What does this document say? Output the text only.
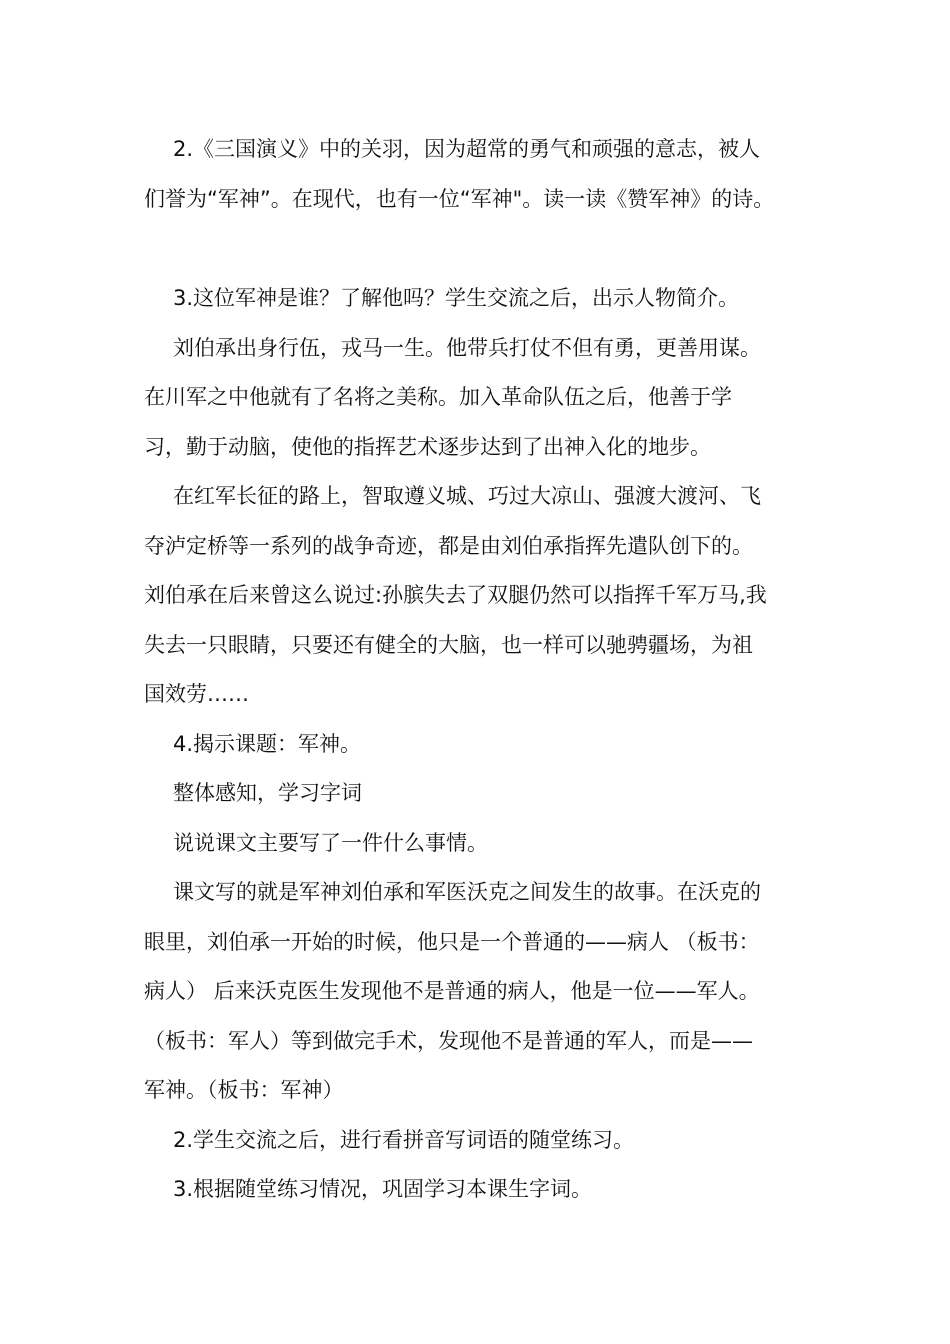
2.《三国演义》中的关羽，因为超常的勇气和顽强的意志，被人
们誉为“军神”。在现代，也有一位“军神"。读一读《赞军神》的诗。

3.这位军神是谁？了解他吗？学生交流之后，出示人物简介。

刘伯承出身行伍，戎马一生。他带兵打仗不但有勇，更善用谋。
在川军之中他就有了名将之美称。加入革命队伍之后，他善于学
习，勤于动脑，使他的指挥艺术逐步达到了出神入化的地步。

在红军长征的路上，智取遵义城、巧过大凉山、强渡大渡河、飞
夺泸定桥等一系列的战争奇迹，都是由刘伯承指挥先遣队创下的。
刘伯承在后来曾这么说过:孙膑失去了双腿仍然可以指挥千军万马,我
失去一只眼睛，只要还有健全的大脑，也一样可以驰骋疆场，为祖
国效劳……

4.揭示课题：军神。

整体感知，学习字词

说说课文主要写了一件什么事情。

课文写的就是军神刘伯承和军医沃克之间发生的故事。在沃克的
眼里，刘伯承一开始的时候，他只是一个普通的——病人 （板书：
病人） 后来沃克医生发现他不是普通的病人，他是一位——军人。
（板书：军人）等到做完手术，发现他不是普通的军人，而是——
军神。（板书：军神）

2.学生交流之后，进行看拼音写词语的随堂练习。

3.根据随堂练习情况，巩固学习本课生字词。
